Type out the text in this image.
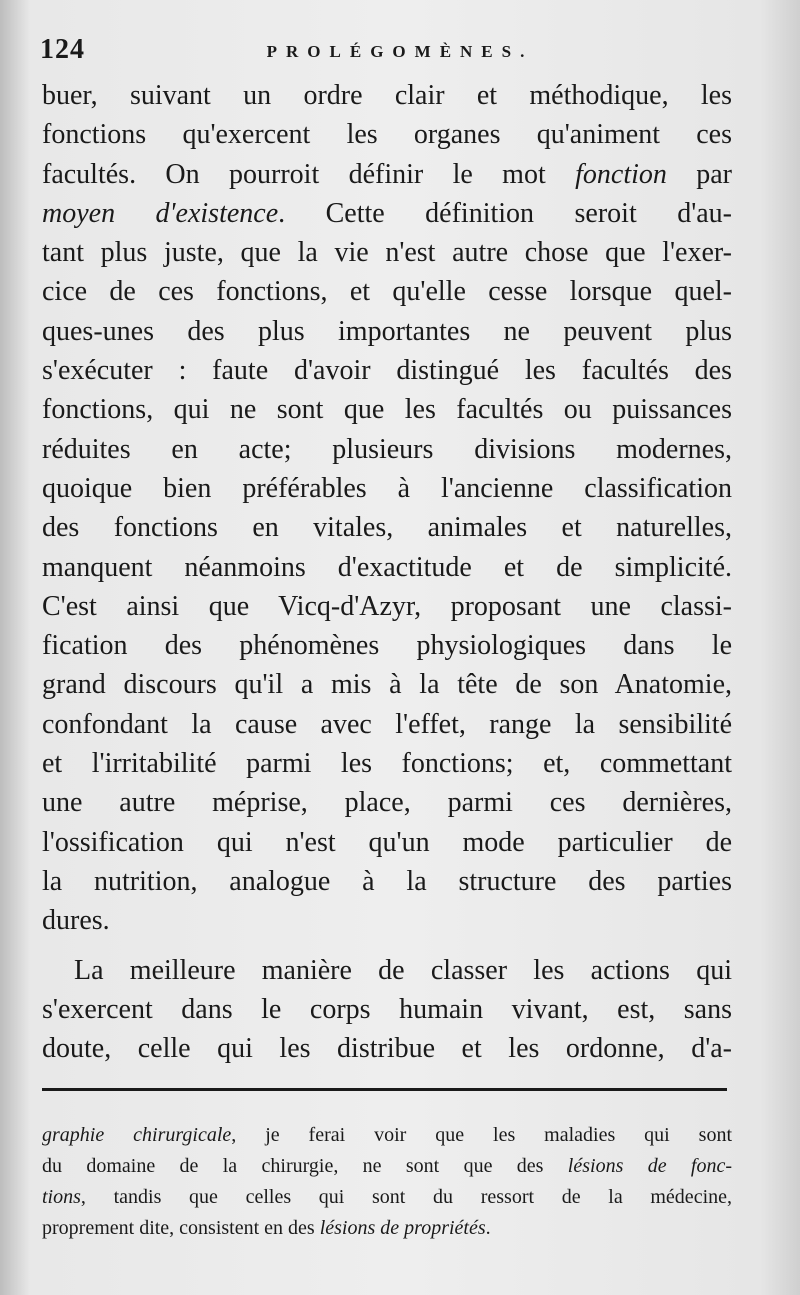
124	PROLÉGOMÈNES.

buer, suivant un ordre clair et méthodique, les
fonctions qu'exercent les organes qu'animent ces
facultés. On pourroit définir le mot fonction par
moyen d'existence. Cette définition seroit d'au-
tant plus juste, que la vie n'est autre chose que l'exer-
cice de ces fonctions, et qu'elle cesse lorsque quel-
ques-unes des plus importantes ne peuvent plus
s'exécuter : faute d'avoir distingué les facultés des
fonctions, qui ne sont que les facultés ou puissances
réduites en acte; plusieurs divisions modernes,
quoique bien préférables à l'ancienne classification
des fonctions en vitales, animales et naturelles,
manquent néanmoins d'exactitude et de simplicité.
C'est ainsi que Vicq-d'Azyr, proposant une classi-
fication des phénomènes physiologiques dans le
grand discours qu'il a mis à la tête de son Anatomie,
confondant la cause avec l'effet, range la sensibilité
et l'irritabilité parmi les fonctions; et, commettant
une autre méprise, place, parmi ces dernières,
l'ossification qui n'est qu'un mode particulier de
la nutrition, analogue à la structure des parties
dures.

La meilleure manière de classer les actions qui
s'exercent dans le corps humain vivant, est, sans
doute, celle qui les distribue et les ordonne, d'a-

graphie chirurgicale, je ferai voir que les maladies qui sont
du domaine de la chirurgie, ne sont que des lésions de fonc-
tions, tandis que celles qui sont du ressort de la médecine,
proprement dite, consistent en des lésions de propriétés.
